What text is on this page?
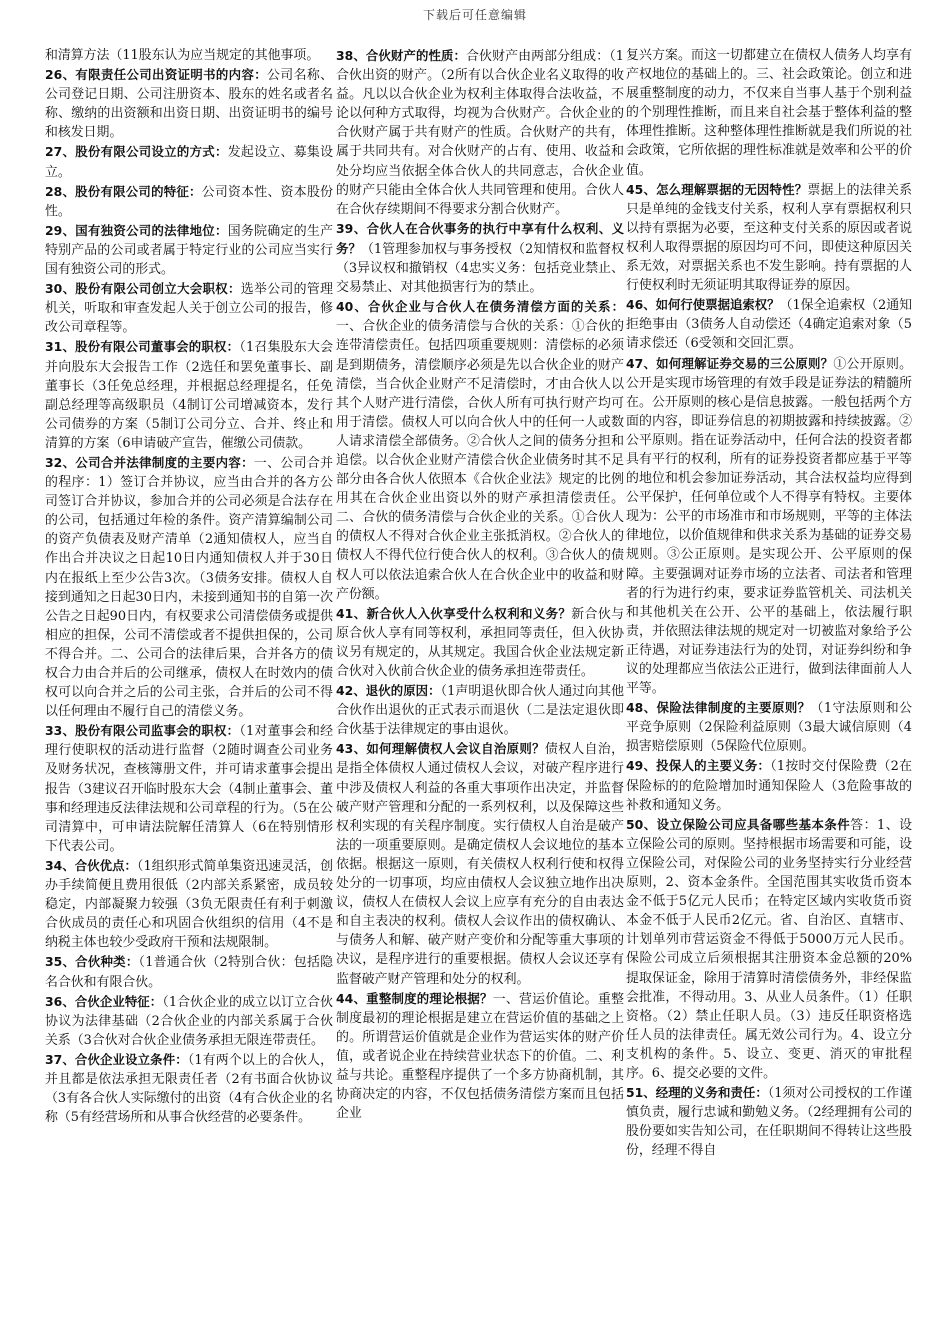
下载后可任意编辑

和清算方法（11股东认为应当规定的其他事项。

26、有限责任公司出资证明书的内容：公司名称、公司登记日期、公司注册资本、股东的姓名或者名称、缴纳的出资额和出资日期、出资证明书的编号和核发日期。

27、股份有限公司设立的方式：发起设立、募集设立。

28、股份有限公司的特征：公司资本性、资本股份性。

29、国有独资公司的法律地位：国务院确定的生产特别产品的公司或者属于特定行业的公司应当实行国有独资公司的形式。

30、股份有限公司创立大会职权：选举公司的管理机关，听取和审查发起人关于创立公司的报告，修改公司章程等。

31、股份有限公司董事会的职权：（1召集股东大会并向股东大会报告工作（2选任和罢免董事长、副董事长（3任免总经理，并根据总经理提名，任免副总经理等高级职员（4制订公司增减资本，发行公司债券的方案（5制订公司分立、合并、终止和清算的方案（6申请破产宣告，催缴公司债款。

32、公司合并法律制度的主要内容：一、公司合并的程序：1）签订合并协议，应当由合并的各方公司签订合并协议，参加合并的公司必须是合法存在的公司，包括通过年检的条件。资产清算编制公司的资产负债表及财产清单（2通知债权人，应当自作出合并决议之日起10日内通知债权人并于30日内在报纸上至少公告3次。（3债务安排。债权人自接到通知之日起30日内，未接到通知书的自第一次公告之日起90日内，有权要求公司清偿债务或提供相应的担保，公司不清偿或者不提供担保的，公司不得合并。二、公司合的法律后果，合并各方的债权合力由合并后的公司继承，债权人在时效内的债权可以向合并之后的公司主张，合并后的公司不得以任何理由不履行自己的清偿义务。

33、股份有限公司监事会的职权：（1对董事会和经理行使职权的活动进行监督（2随时调查公司业务及财务状况，查核簿册文件，并可请求董事会提出报告（3建议召开临时股东大会（4制止董事会、董事和经理违反法律法规和公司章程的行为。（5在公司清算中，可申请法院解任清算人（6在特别情形下代表公司。

34、合伙优点：（1组织形式简单集资迅速灵活，创办手续简便且费用很低（2内部关系紧密，成员较稳定，内部凝聚力较强（3负无限责任有利于刺激合伙成员的责任心和巩固合伙组织的信用（4不是纳税主体也较少受政府干预和法规限制。

35、合伙种类：（1普通合伙（2特别合伙：包括隐名合伙和有限合伙。

36、合伙企业特征：（1合伙企业的成立以订立合伙协议为法律基础（2合伙企业的内部关系属于合伙关系（3合伙对合伙企业债务承担无限连带责任。

37、合伙企业设立条件：（1有两个以上的合伙人，并且都是依法承担无限责任者（2有书面合伙协议（3有各合伙人实际缴付的出资（4有合伙企业的名称（5有经营场所和从事合伙经营的必要条件。

38、合伙财产的性质：合伙财产由两部分组成：（1合伙出资的财产。（2所有以合伙企业名义取得的收益。凡以以合伙企业为权利主体取得合法收益，不论以何种方式取得，均视为合伙财产。合伙企业的合伙财产属于共有财产的性质。合伙财产的共有，属于共同共有。对合伙财产的占有、使用、收益和处分均应当依据全体合伙人的共同意志，合伙企业的财产只能由全体合伙人共同管理和使用。合伙人在合伙存续期间不得要求分割合伙财产。

39、合伙人在合伙事务的执行中享有什么权利、义务？（1管理参加权与事务授权（2知情权和监督权（3异议权和撤销权（4忠实义务：包括竞业禁止、交易禁止、对其他损害行为的禁止。

40、合伙企业与合伙人在债务清偿方面的关系：一、合伙企业的债务清偿与合伙的关系：①合伙的连带清偿责任。包括四项重要规则：清偿标的必须是到期债务，清偿顺序必须是先以合伙企业的财产清偿，当合伙企业财产不足清偿时，才由合伙人以其个人财产进行清偿，合伙人所有可执行财产均可用于清偿。债权人可以向合伙人中的任何一人或数人请求清偿全部债务。②合伙人之间的债务分担和追偿。以合伙企业财产清偿合伙企业债务时其不足部分由各合伙人依照本《合伙企业法》规定的比例用其在合伙企业出资以外的财产承担清偿责任。二、合伙的债务清偿与合伙企业的关系。①合伙人的债权人不得对合伙企业主张抵消权。②合伙人的债权人不得代位行使合伙人的权利。③合伙人的债权人可以依法追索合伙人在合伙企业中的收益和财产份额。

41、新合伙人入伙享受什么权利和义务？新合伙与原合伙人享有同等权利，承担同等责任，但入伙协议另有规定的，从其规定。我国合伙企业法规定新合伙对入伙前合伙企业的债务承担连带责任。

42、退伙的原因：（1声明退伙即合伙人通过向其他合伙作出退伙的正式表示而退伙（二是法定退伙即合伙基于法律规定的事由退伙。

43、如何理解债权人会议自治原则？债权人自治，是指全体债权人通过债权人会议，对破产程序进行中涉及债权人利益的各重大事项作出决定，并监督破产财产管理和分配的一系列权利，以及保障这些权利实现的有关程序制度。实行债权人自治是破产法的一项重要原则。是确定债权人会议地位的基本依据。根据这一原则，有关债权人权利行使和权得处分的一切事项，均应由债权人会议独立地作出决议，债权人在债权人会议上应享有充分的自由表达和自主表决的权利。债权人会议作出的债权确认、与债务人和解、破产财产变价和分配等重大事项的决议，是程序进行的重要根据。债权人会议还享有监督破产财产管理和处分的权利。

44、重整制度的理论根据？一、营运价值论。重整制度最初的理论根据是建立在营运价值的基础之上的。所谓营运价值就是企业作为营运实体的财产价值，或者说企业在持续营业状态下的价值。二、利益与共论。重整程序提供了一个多方协商机制，其协商决定的内容，不仅包括债务清偿方案而且包括企业

复兴方案。而这一切都建立在债权人债务人均享有产权地位的基础上的。三、社会政策论。创立和进展重整制度的动力，不仅来自当事人基于个别利益的个别理性推断，而且来自社会基于整体利益的整体理性推断。这种整体理性推断就是我们所说的社会政策，它所依据的理性标准就是效率和公平的价值。

45、怎么理解票据的无因特性？票据上的法律关系只是单纯的金钱支付关系，权利人享有票据权利只以持有票据为必要，至这种支付关系的原因或者说权利人取得票据的原因均可不问，即使这种原因关系无效，对票据关系也不发生影响。持有票据的人行使权利时无须证明其取得证券的原因。

46、如何行使票据追索权？（1保全追索权（2通知拒绝事由（3债务人自动偿还（4确定追索对象（5请求偿还（6受领和交回汇票。

47、如何理解证券交易的三公原则？①公开原则。公开是实现市场管理的有效手段是证券法的精髓所在。公开原则的核心是信息披露。一般包括两个方面的内容，即证券信息的初期披露和持续披露。②公平原则。指在证券活动中，任何合法的投资者都具有平行的权利，所有的证券投资者都应基于平等的地位和机会参加证券活动，其合法权益均应得到公平保护，任何单位或个人不得享有特权。主要体现为：公平的市场准市和市场规则，平等的主体法律地位，以价值规律和供求关系为基础的证券交易规则。③公正原则。是实现公开、公平原则的保障。主要强调对证券市场的立法者、司法者和管理者的行为进行约束，要求证券监管机关、司法机关和其他机关在公开、公平的基础上，依法履行职责，并依照法律法规的规定对一切被监对象给予公正待遇，对证券违法行为的处罚，对证券纠纷和争议的处理都应当依法公正进行，做到法律面前人人平等。

48、保险法律制度的主要原则？（1守法原则和公平竞争原则（2保险利益原则（3最大诚信原则（4损害赔偿原则（5保险代位原则。

49、投保人的主要义务：（1按时交付保险费（2在保险标的的危险增加时通知保险人（3危险事故的补救和通知义务。

50、设立保险公司应具备哪些基本条件答：1、设立保险公司的原则。坚持根据市场需要和可能，设立保险公司，对保险公司的业务坚持实行分业经营原则，2、资本金条件。全国范围其实收货币资本金不低于5亿元人民币；在特定区域内实收货币资本金不低于人民币2亿元。省、自治区、直辖市、计划单列市营运资金不得低于5000万元人民币。保险公司成立后须根据其注册资本金总额的20%提取保证金，除用于清算时清偿债务外，非经保监会批准，不得动用。3、从业人员条件。（1）任职资格。（2）禁止任职人员。（3）违反任职资格选任人员的法律责任。属无效公司行为。4、设立分支机构的条件。5、设立、变更、消灭的审批程序。6、提交必要的文件。

51、经理的义务和责任：（1须对公司授权的工作谨慎负责，履行忠诚和勤勉义务。（2经理拥有公司的股份要如实告知公司，在任职期间不得转让这些股份，经理不得自
